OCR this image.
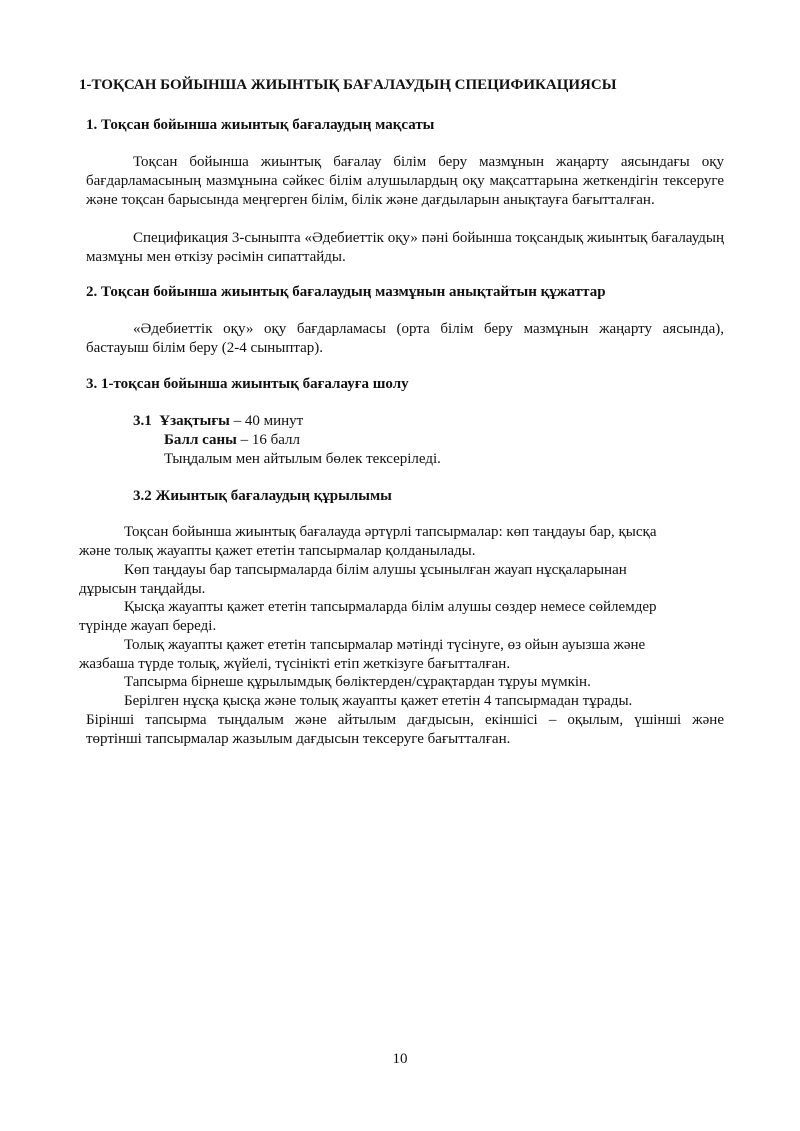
1-ТОҚСАН БОЙЫНША ЖИЫНТЫҚ БАҒАЛАУДЫҢ СПЕЦИФИКАЦИЯСЫ

1. Тоқсан бойынша жиынтық бағалаудың мақсаты

Тоқсан бойынша жиынтық бағалау білім беру мазмұнын жаңарту аясындағы оқу бағдарламасының мазмұнына сәйкес білім алушылардың оқу мақсаттарына жеткендігін тексеруге және тоқсан барысында меңгерген білім, білік және дағдыларын анықтауға бағытталған.

Спецификация 3-сыныпта «Әдебиеттік оқу» пәні бойынша тоқсандық жиынтық бағалаудың мазмұны мен өткізу рәсімін сипаттайды.

2. Тоқсан бойынша жиынтық бағалаудың мазмұнын анықтайтын құжаттар

«Әдебиеттік оқу» оқу бағдарламасы (орта білім беру мазмұнын жаңарту аясында), бастауыш білім беру (2-4 сыныптар).

3. 1-тоқсан бойынша жиынтық бағалауға шолу

3.1 Ұзақтығы – 40 минут

Балл саны – 16 балл

Тыңдалым мен айтылым бөлек тексеріледі.

3.2 Жиынтық бағалаудың құрылымы

Тоқсан бойынша жиынтық бағалауда әртүрлі тапсырмалар: көп таңдауы бар, қысқа

және толық жауапты қажет ететін тапсырмалар қолданылады.

Көп таңдауы бар тапсырмаларда білім алушы ұсынылған жауап нұсқаларынан

дұрысын таңдайды.

Қысқа жауапты қажет ететін тапсырмаларда білім алушы сөздер немесе сөйлемдер

түрінде жауап береді.

Толық жауапты қажет ететін тапсырмалар мәтінді түсінуге, өз ойын ауызша және

жазбаша түрде толық, жүйелі, түсінікті етіп жеткізуге бағытталған.

Тапсырма бірнеше құрылымдық бөліктерден/сұрақтардан тұруы мүмкін.

Берілген нұсқа қысқа және толық жауапты қажет ететін 4 тапсырмадан тұрады.

Бірінші тапсырма тыңдалым және айтылым дағдысын, екіншісі – оқылым, үшінші және

төртінші тапсырмалар жазылым дағдысын тексеруге бағытталған.

10
